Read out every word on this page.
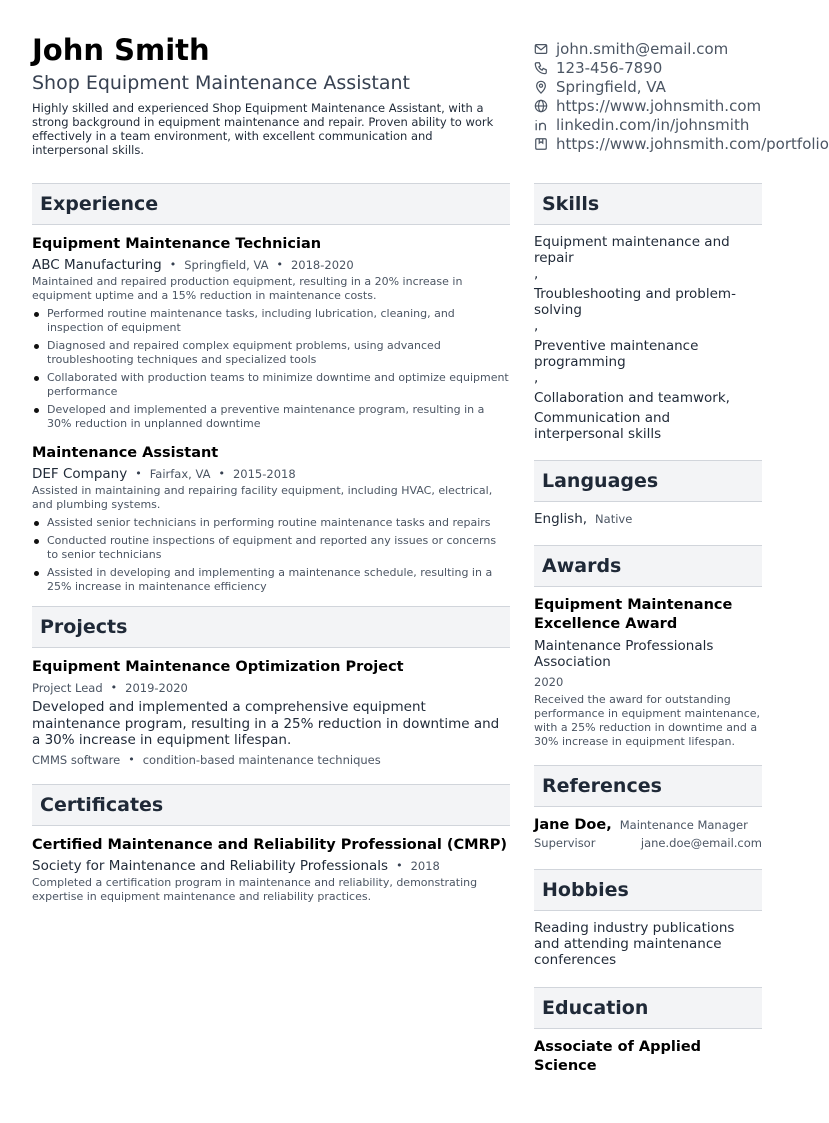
John Smith
Shop Equipment Maintenance Assistant
Highly skilled and experienced Shop Equipment Maintenance Assistant, with a strong background in equipment maintenance and repair. Proven ability to work effectively in a team environment, with excellent communication and interpersonal skills.
john.smith@email.com
123-456-7890
Springfield, VA
https://www.johnsmith.com
linkedin.com/in/johnsmith
https://www.johnsmith.com/portfolio
Experience
Equipment Maintenance Technician
ABC Manufacturing • Springfield, VA • 2018-2020
Maintained and repaired production equipment, resulting in a 20% increase in equipment uptime and a 15% reduction in maintenance costs.
Performed routine maintenance tasks, including lubrication, cleaning, and inspection of equipment
Diagnosed and repaired complex equipment problems, using advanced troubleshooting techniques and specialized tools
Collaborated with production teams to minimize downtime and optimize equipment performance
Developed and implemented a preventive maintenance program, resulting in a 30% reduction in unplanned downtime
Maintenance Assistant
DEF Company • Fairfax, VA • 2015-2018
Assisted in maintaining and repairing facility equipment, including HVAC, electrical, and plumbing systems.
Assisted senior technicians in performing routine maintenance tasks and repairs
Conducted routine inspections of equipment and reported any issues or concerns to senior technicians
Assisted in developing and implementing a maintenance schedule, resulting in a 25% increase in maintenance efficiency
Projects
Equipment Maintenance Optimization Project
Project Lead • 2019-2020
Developed and implemented a comprehensive equipment maintenance program, resulting in a 25% reduction in downtime and a 30% increase in equipment lifespan.
CMMS software • condition-based maintenance techniques
Certificates
Certified Maintenance and Reliability Professional (CMRP)
Society for Maintenance and Reliability Professionals • 2018
Completed a certification program in maintenance and reliability, demonstrating expertise in equipment maintenance and reliability practices.
Skills
Equipment maintenance and repair
,
Troubleshooting and problem-solving
,
Preventive maintenance programming
,
Collaboration and teamwork,
Communication and interpersonal skills
Languages
English, Native
Awards
Equipment Maintenance Excellence Award
Maintenance Professionals Association
2020
Received the award for outstanding performance in equipment maintenance, with a 25% reduction in downtime and a 30% increase in equipment lifespan.
References
Jane Doe, Maintenance Manager
Supervisor	jane.doe@email.com
Hobbies
Reading industry publications and attending maintenance conferences
Education
Associate of Applied Science
